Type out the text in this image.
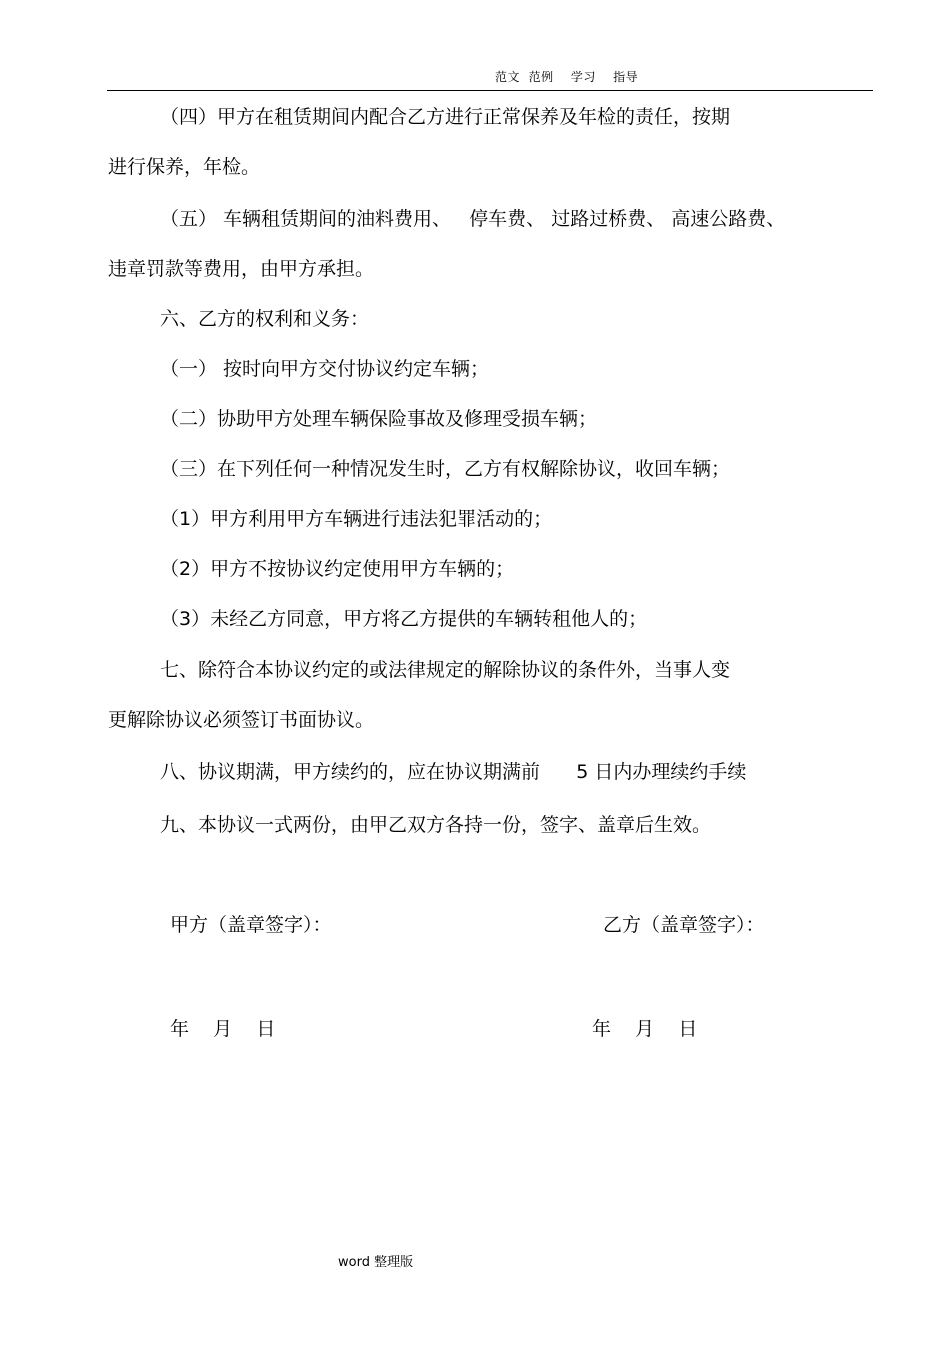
范文  范例    学习    指导
（四）甲方在租赁期间内配合乙方进行正常保养及年检的责任，按期
进行保养，年检。
（五） 车辆租赁期间的油料费用、   停车费、 过路过桥费、 高速公路费、
违章罚款等费用，由甲方承担。
六、乙方的权利和义务：
（一） 按时向甲方交付协议约定车辆；
（二）协助甲方处理车辆保险事故及修理受损车辆；
（三）在下列任何一种情况发生时，乙方有权解除协议，收回车辆；
（1）甲方利用甲方车辆进行违法犯罪活动的；
（2）甲方不按协议约定使用甲方车辆的；
（3）未经乙方同意，甲方将乙方提供的车辆转租他人的；
七、除符合本协议约定的或法律规定的解除协议的条件外，当事人变
更解除协议必须签订书面协议。
八、协议期满，甲方续约的，应在协议期满前      5 日内办理续约手续
九、本协议一式两份，由甲乙双方各持一份，签字、盖章后生效。
甲方（盖章签字）：	乙方（盖章签字）：
年    月    日	年    月    日
word 整理版
